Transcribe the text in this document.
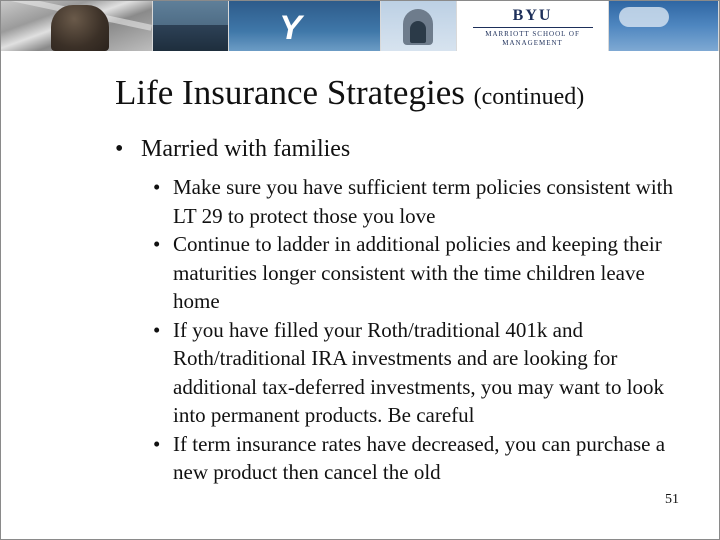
Y	BYU
MARRIOTT SCHOOL OF MANAGEMENT
Life Insurance Strategies (continued)
• Married with families
• Make sure you have sufficient term policies consistent with LT 29 to protect those you love
• Continue to ladder in additional policies and keeping their maturities longer consistent with the time children leave home
• If you have filled your Roth/traditional 401k and Roth/traditional IRA investments and are looking for additional tax-deferred investments, you may want to look into permanent products. Be careful
• If term insurance rates have decreased, you can purchase a new product then cancel the old
51
